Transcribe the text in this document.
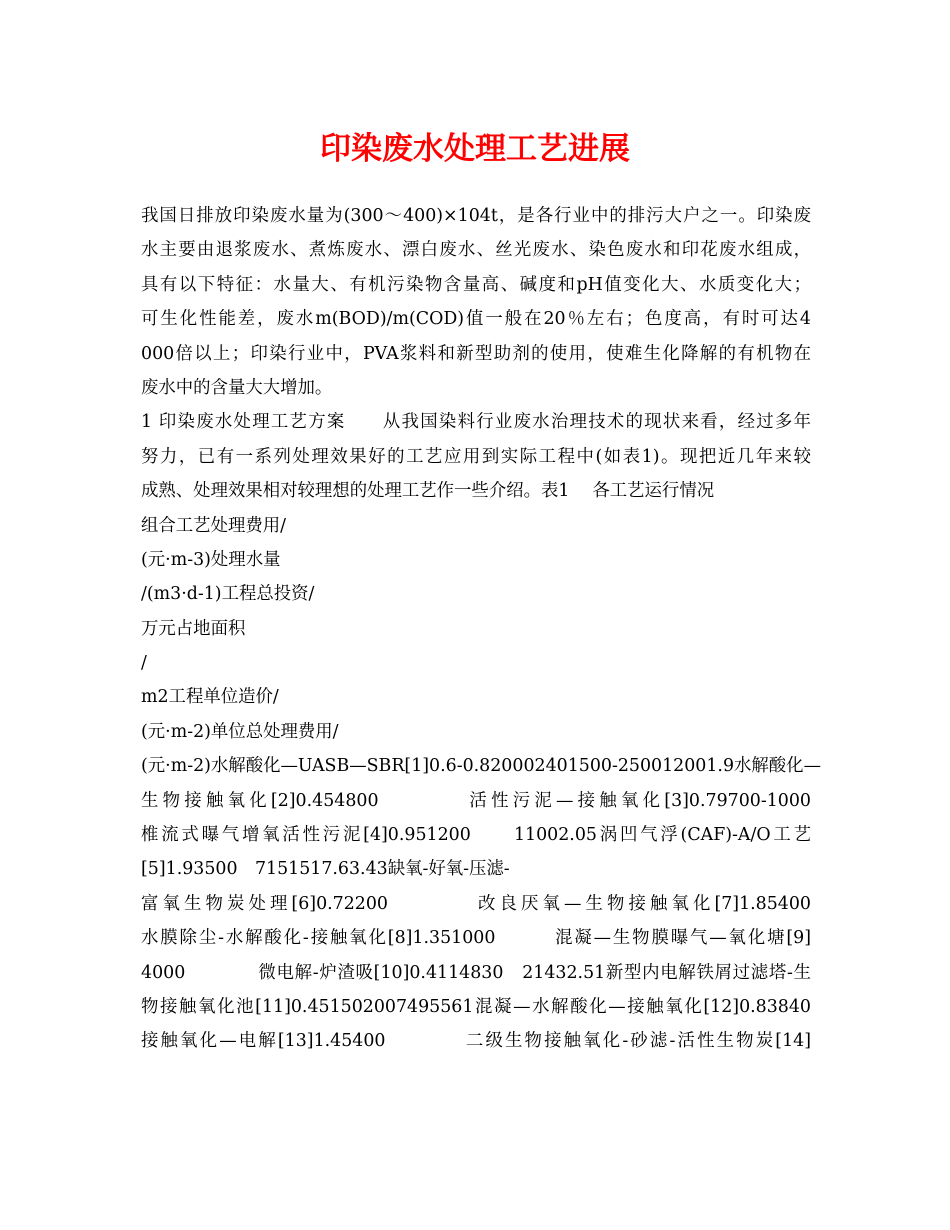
印染废水处理工艺进展
我国日排放印染废水量为(300～400)×104t，是各行业中的排污大户之一。印染废
水主要由退浆废水、煮炼废水、漂白废水、丝光废水、染色废水和印花废水组成，
具有以下特征：水量大、有机污染物含量高、碱度和pH值变化大、水质变化大；
可生化性能差，废水m(BOD)/m(COD)值一般在20％左右；色度高，有时可达4
000倍以上；印染行业中，PVA浆料和新型助剂的使用，使难生化降解的有机物在
废水中的含量大大增加。
1 印染废水处理工艺方案　　从我国染料行业废水治理技术的现状来看，经过多年
努力，已有一系列处理效果好的工艺应用到实际工程中(如表1)。现把近几年来较
成熟、处理效果相对较理想的处理工艺作一些介绍。表1　 各工艺运行情况
组合工艺处理费用/
(元·m-3)处理水量
/(m3·d-1)工程总投资/
万元占地面积
/
m2工程单位造价/
(元·m-2)单位总处理费用/
(元·m-2)水解酸化—UASB—SBR[1]0.6-0.820002401500-250012001.9水解酸化—
生物接触氧化[2]0.454800　　　　活性污泥—接触氧化[3]0.79700-1000
椎流式曝气增氧活性污泥[4]0.951200　　11002.05涡凹气浮(CAF)-A/O工艺
[5]1.93500　7151517.63.43缺氧-好氧-压滤-
富氧生物炭处理[6]0.72200　　　　改良厌氧—生物接触氧化[7]1.85400
水膜除尘-水解酸化-接触氧化[8]1.351000　　　混凝—生物膜曝气—氧化塘[9]
4000　　　　微电解-炉渣吸[10]0.4114830　21432.51新型内电解铁屑过滤塔-生
物接触氧化池[11]0.451502007495561混凝—水解酸化—接触氧化[12]0.83840
接触氧化—电解[13]1.45400　　　　二级生物接触氧化-砂滤-活性生物炭[14]
